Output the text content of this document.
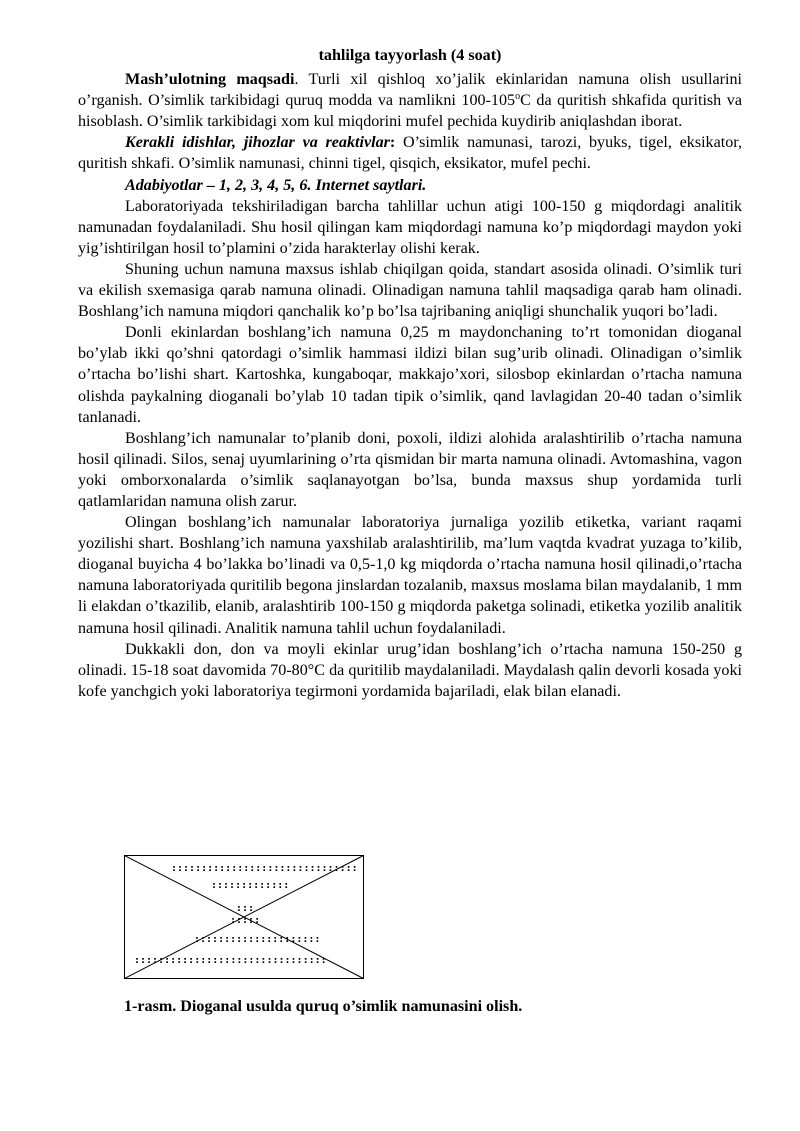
tahlilga tayyorlash (4 soat)

Mash’ulotning maqsadi. Turli xil qishloq xo’jalik ekinlaridan namuna olish usullarini o’rganish. O’simlik tarkibidagi quruq modda va namlikni 100-105$^o$C da quritish shkafida quritish va hisoblash. O’simlik tarkibidagi xom kul miqdorini mufel pechida kuydirib aniqlashdan iborat.

Kerakli idishlar, jihozlar va reaktivlar: O’simlik namunasi, tarozi, byuks, tigel, eksikator, quritish shkafi. O’simlik namunasi, chinni tigel, qisqich, eksikator, mufel pechi.

Adabiyotlar – 1, 2, 3, 4, 5, 6. Internet saytlari.

Laboratoriyada tekshiriladigan barcha tahlillar uchun atigi 100-150 g miqdordagi analitik namunadan foydalaniladi. Shu hosil qilingan kam miqdordagi namuna ko’p miqdordagi maydon yoki yig’ishtirilgan hosil to’plamini o’zida harakterlay olishi kerak.

Shuning uchun namuna maxsus ishlab chiqilgan qoida, standart asosida olinadi. O’simlik turi va ekilish sxemasiga qarab namuna olinadi. Olinadigan namuna tahlil maqsadiga qarab ham olinadi. Boshlang’ich namuna miqdori qanchalik ko’p bo’lsa tajribaning aniqligi shunchalik yuqori bo’ladi.

Donli ekinlardan boshlang’ich namuna 0,25 m maydonchaning to’rt tomonidan dioganal bo’ylab ikki qo’shni qatordagi o’simlik hammasi ildizi bilan sug’urib olinadi. Olinadigan o’simlik o’rtacha bo’lishi shart. Kartoshka, kungaboqar, makkajo’xori, silosbop ekinlardan o’rtacha namuna olishda paykalning dioganali bo’ylab 10 tadan tipik o’simlik, qand lavlagidan 20-40 tadan o’simlik tanlanadi.

Boshlang’ich namunalar to’planib doni, poxoli, ildizi alohida aralashtirilib o’rtacha namuna hosil qilinadi. Silos, senaj uyumlarining o’rta qismidan bir marta namuna olinadi. Avtomashina, vagon yoki omborxonalarda o’simlik saqlanayotgan bo’lsa, bunda maxsus shup yordamida turli qatlamlaridan namuna olish zarur.

Olingan boshlang’ich namunalar laboratoriya jurnaliga yozilib etiketka, variant raqami yozilishi shart. Boshlang’ich namuna yaxshilab aralashtirilib, ma’lum vaqtda kvadrat yuzaga to’kilib, dioganal buyicha 4 bo’lakka bo’linadi va 0,5-1,0 kg miqdorda o’rtacha namuna hosil qilinadi,o’rtacha namuna laboratoriyada quritilib begona jinslardan tozalanib, maxsus moslama bilan maydalanib, 1 mm li elakdan o’tkazilib, elanib, aralashtirib 100-150 g miqdorda paketga solinadi, etiketka yozilib analitik namuna hosil qilinadi. Analitik namuna tahlil uchun foydalaniladi.

Dukkakli don, don va moyli ekinlar urug’idan boshlang’ich o’rtacha namuna 150-250 g olinadi. 15-18 soat davomida 70-80°C da quritilib maydalaniladi. Maydalash qalin devorli kosada yoki kofe yanchgich yoki laboratoriya tegirmoni yordamida bajariladi, elak bilan elanadi.

:::::::::::::::::::::::::::::::
:::::::::::::
:::
:::::
:::::::::::::::::::::
::::::::::::::::::::::::::::::::
1-rasm. Dioganal usulda quruq o’simlik namunasini olish.
